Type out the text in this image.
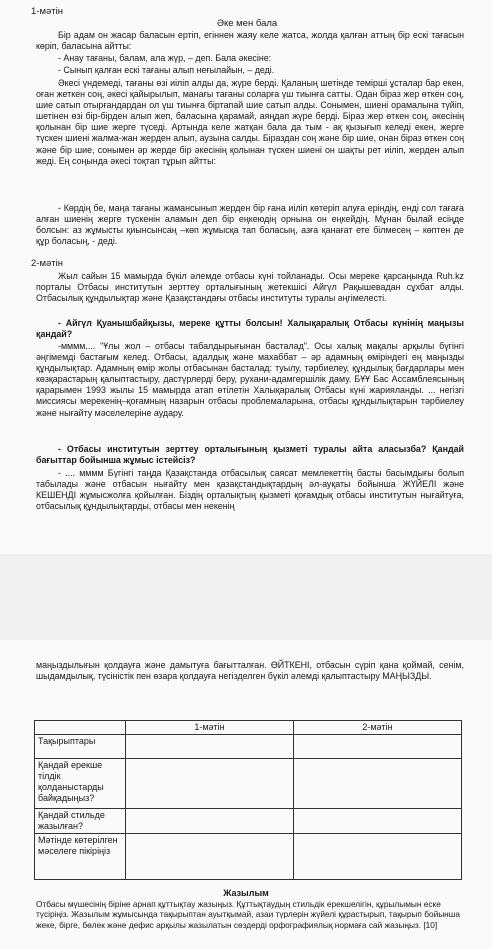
1-мәтін
Әке мен бала

Бір адам он жасар баласын ертіп, егіннен жаяу келе жатса, жолда қалған аттың бір ескі тағасын көріп, баласына айтты:

- Анау тағаны, балам, ала жүр, – деп. Бала әкесіне:

- Сынып қалған ескі тағаны алып неғылайын, – деді.

Әкесі үндемеді, тағаны өзі иіліп алды да, жүре берді. Қаланың шетінде темірші ұсталар бар екен, оған жеткен соң, әкесі қайырылып, манағы тағаны соларға үш тиынға сатты. Одан біраз жер өткен соң, шие сатып отырғандардан ол үш тиынға біртапай шие сатып алды. Сонымен, шиені орамалына түйіп, шетінен өзі бір-бірден алып жеп, баласына қарамай, аяңдап жүре берді. Біраз жер өткен соң, әкесінің қолынан бір шие жерге түседі. Артында келе жатқан бала да тым - ақ қызығып келеді екен, жерге түскен шиені жалма-жан жерден алып, аузына салды. Біраздан соң және бір шие, онан біраз өткен соң және бір шие, сонымен әр жерде бір әкесінің қолынан түскен шиені он шақты рет иіліп, жерден алып жеді. Ең соңында әкесі тоқтап тұрып айтты:

- Көрдің бе, маңа тағаны жамансынып жерден бір ғана иіліп көтеріп алуға еріндің, енді сол тағаға алған шиенің жерге түскенін аламын деп бір еңкеюдің орнына он еңкейдің. Мұнан былай есіңде болсын: аз жұмысты қиынсынсаң –көп жұмысқа тап боласың, азға қанағат ете білмесең – көптен де құр боласың, - деді.

2-мәтін

Жыл сайын 15 мамырда бүкіл әлемде отбасы күні тойланады. Осы мереке қарсаңында Ruh.kz порталы Отбасы институтын зерттеу орталығының жетекшісі Айгүл Рақышевадан сұхбат алды. Отбасылық құндылықтар және Қазақстандағы отбасы институты туралы әңгімелесті.

- Айгүл Қуанышбайқызы, мереке құтты болсын! Халықаралық Отбасы күнінің маңызы қандай?

-мммм.... "Ұлы жол – отбасы табалдырығынан басталад". Осы халық мақалы арқылы бүгінгі әңгімемді бастағым келед. Отбасы, адалдық және махаббат – әр адамның өміріндегі ең маңызды құндылықтар. Адамның өмір жолы отбасынан басталад: туылу, тәрбиелеу, құндылық бағдарлары мен көзқарастарың қалыптастыру, дастүрлерді беру, рухани-адамгершілік даму. БҰҰ Бас Ассамблеясының қарарымен 1993 жылы 15 мамырда атап өтілетін Халықаралық Отбасы күні жарияланды. ... негізгі миссиясы мерекенің–қоғамның назарын отбасы проблемаларына, отбасы құндылықтарын тәрбиелеу және нығайту мәселелеріне аудару.

- Отбасы институтын зерттеу орталығының қызметі туралы айта аласызба? Қандай бағыттар бойынша жұмыс істейсіз?

- .... мммм Бүгінгі таңда Қазақстанда отбасылық саясат мемлекеттің басты басымдығы болып табылады және отбасын нығайту мен қазақстандықтардың әл-ауқаты бойынша ЖҮЙЕЛІ және КЕШЕНДІ жұмысжолға қойылған. Біздің орталықтың қызметі қоғамдық отбасы институтын нығайтуға, отбасылық құндылықтарды, отбасы мен некенің

маңыздылығын қолдауға және дамытуға бағытталған. ӨЙТКЕНІ, отбасын сүріп қана қоймай, сенім, шыдамдылық, түсіністік пен өзара қолдауға негізделген бүкіл әлемді қалыптастыру МАҢЫЗДЫ.

	1-мәтін	2-мәтін
Тақырыптары		
Қандай ерекше тілдік қолданыстарды байқадыңыз?		
Қандай стильде жазылған?		
Мәтінде көтерілген мәселеге пікіріңіз		
Жазылым

Отбасы мүшесінің біріне арнап құттықтау жазыңыз. Құттықтаудың стильдік ерекшелігін, құрылымын еске түсіріңіз. Жазылым жұмысында тақырыптан ауытқымай, азаи түрлерін жүйелі құрастырып, тақырып бойынша жеке, бірге, бөлек және дефис арқылы жазылатын сөздерді орфографиялық нормаға сай жазыңыз. [10]
